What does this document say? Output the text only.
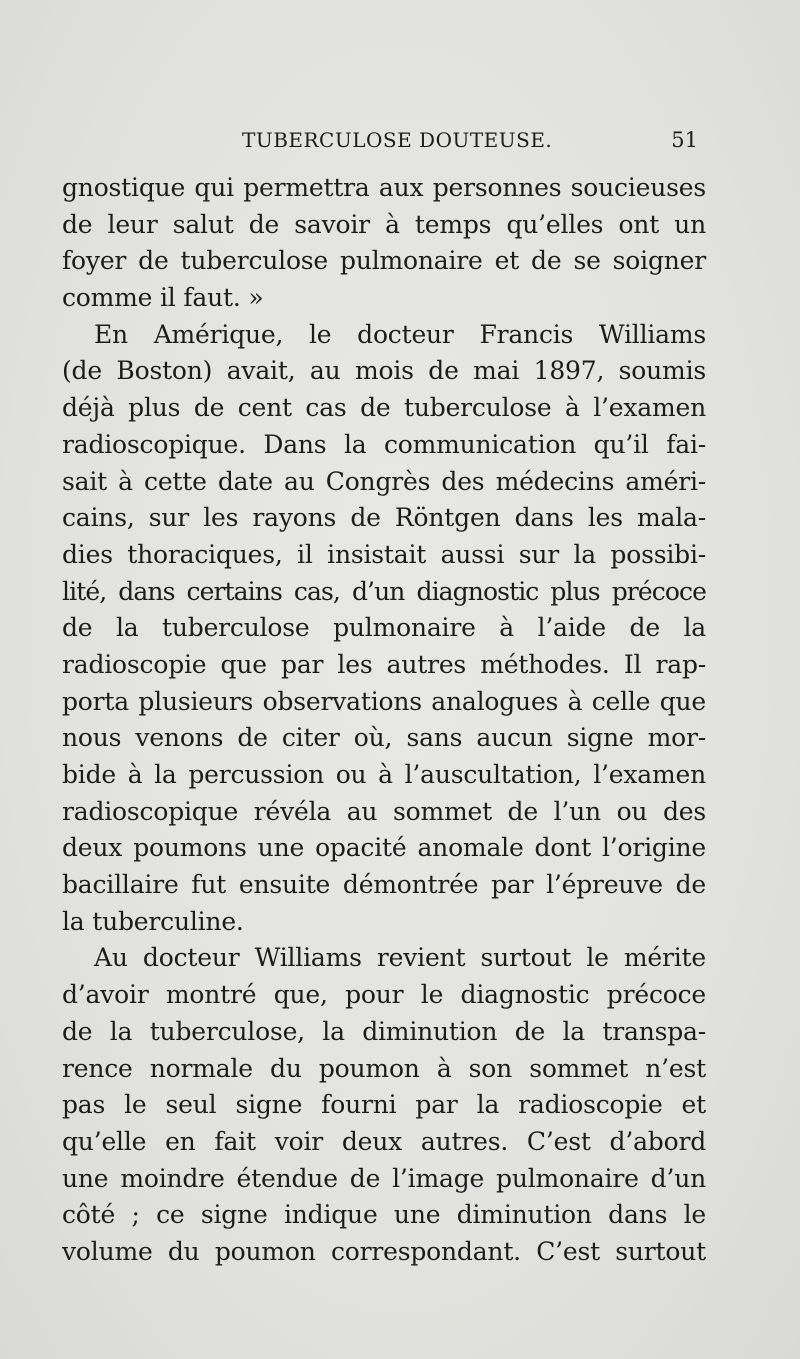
TUBERCULOSE DOUTEUSE.	51
gnostique qui permettra aux personnes soucieuses
de leur salut de savoir à temps qu’elles ont un
foyer de tuberculose pulmonaire et de se soigner
comme il faut. »
En Amérique, le docteur Francis Williams
(de Boston) avait, au mois de mai 1897, soumis
déjà plus de cent cas de tuberculose à l’examen
radioscopique. Dans la communication qu’il fai-
sait à cette date au Congrès des médecins améri-
cains, sur les rayons de Röntgen dans les mala-
dies thoraciques, il insistait aussi sur la possibi-
lité, dans certains cas, d’un diagnostic plus précoce
de la tuberculose pulmonaire à l’aide de la
radioscopie que par les autres méthodes. Il rap-
porta plusieurs observations analogues à celle que
nous venons de citer où, sans aucun signe mor-
bide à la percussion ou à l’auscultation, l’examen
radioscopique révéla au sommet de l’un ou des
deux poumons une opacité anomale dont l’origine
bacillaire fut ensuite démontrée par l’épreuve de
la tuberculine.
Au docteur Williams revient surtout le mérite
d’avoir montré que, pour le diagnostic précoce
de la tuberculose, la diminution de la transpa-
rence normale du poumon à son sommet n’est
pas le seul signe fourni par la radioscopie et
qu’elle en fait voir deux autres. C’est d’abord
une moindre étendue de l’image pulmonaire d’un
côté ; ce signe indique une diminution dans le
volume du poumon correspondant. C’est surtout
